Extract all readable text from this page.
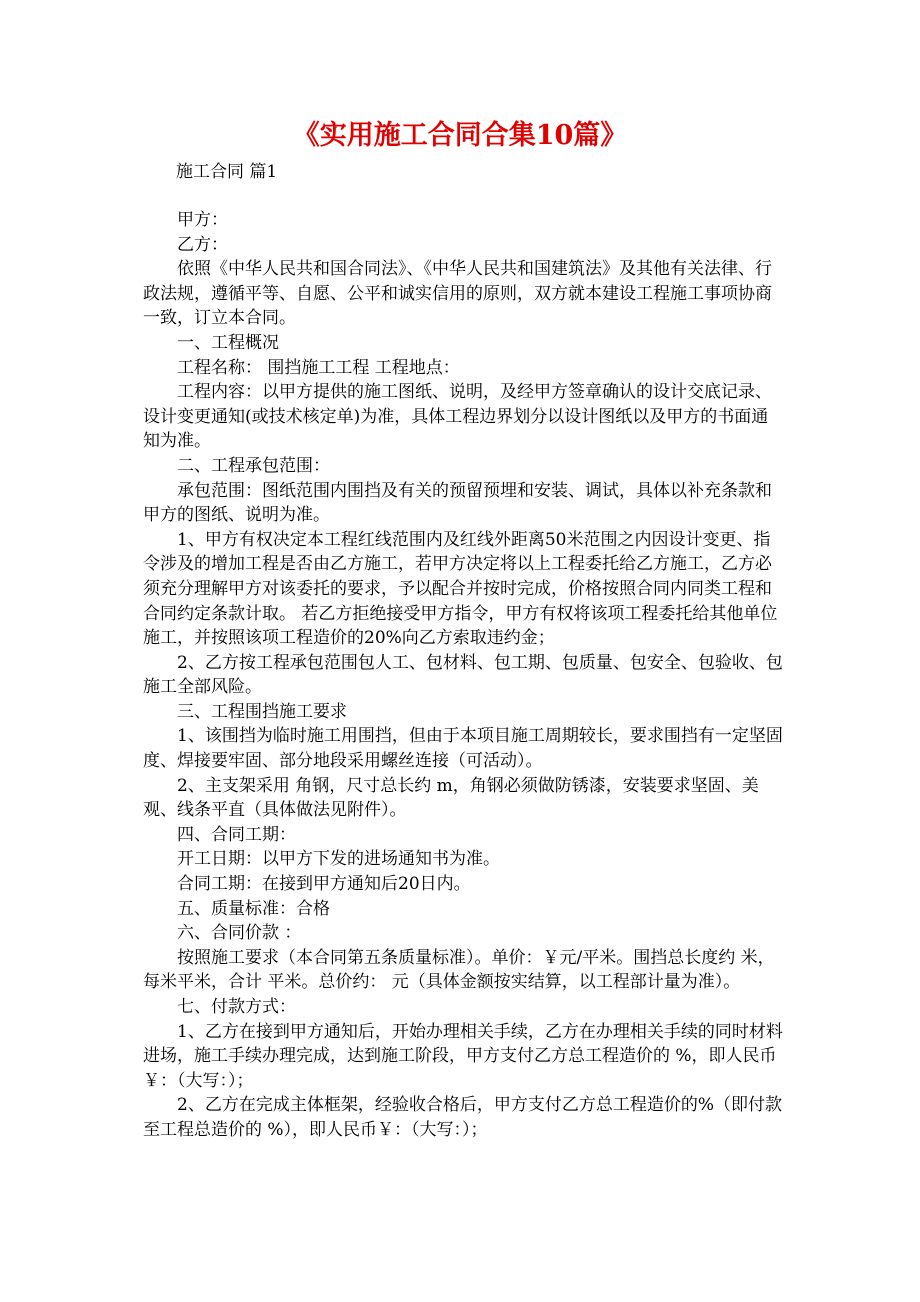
《实用施工合同合集10篇》

施工合同 篇1

甲方：

乙方：

依照《中华人民共和国合同法》、《中华人民共和国建筑法》及其他有关法律、行政法规，遵循平等、自愿、公平和诚实信用的原则，双方就本建设工程施工事项协商一致，订立本合同。

一、工程概况

工程名称： 围挡施工工程 工程地点：

工程内容：以甲方提供的施工图纸、说明，及经甲方签章确认的设计交底记录、设计变更通知(或技术核定单)为准，具体工程边界划分以设计图纸以及甲方的书面通知为准。

二、工程承包范围：

承包范围：图纸范围内围挡及有关的预留预埋和安装、调试，具体以补充条款和甲方的图纸、说明为准。

1、甲方有权决定本工程红线范围内及红线外距离50米范围之内因设计变更、指令涉及的增加工程是否由乙方施工，若甲方决定将以上工程委托给乙方施工，乙方必须充分理解甲方对该委托的要求，予以配合并按时完成，价格按照合同内同类工程和合同约定条款计取。 若乙方拒绝接受甲方指令，甲方有权将该项工程委托给其他单位施工，并按照该项工程造价的20%向乙方索取违约金；

2、乙方按工程承包范围包人工、包材料、包工期、包质量、包安全、包验收、包施工全部风险。

三、工程围挡施工要求

1、该围挡为临时施工用围挡，但由于本项目施工周期较长，要求围挡有一定坚固度、焊接要牢固、部分地段采用螺丝连接（可活动）。

2、主支架采用 角钢，尺寸总长约 m，角钢必须做防锈漆，安装要求坚固、美观、线条平直（具体做法见附件）。

四、合同工期：

开工日期：以甲方下发的进场通知书为准。

合同工期：在接到甲方通知后20日内。

五、质量标准：合格

六、合同价款 ：

按照施工要求（本合同第五条质量标准）。单价：￥元/平米。围挡总长度约 米，每米平米，合计 平米。总价约： 元（具体金额按实结算，以工程部计量为准）。

七、付款方式：

1、乙方在接到甲方通知后，开始办理相关手续，乙方在办理相关手续的同时材料进场，施工手续办理完成，达到施工阶段，甲方支付乙方总工程造价的 %，即人民币￥：（大写：）；

2、乙方在完成主体框架，经验收合格后，甲方支付乙方总工程造价的%（即付款至工程总造价的 %），即人民币￥：（大写：）；
